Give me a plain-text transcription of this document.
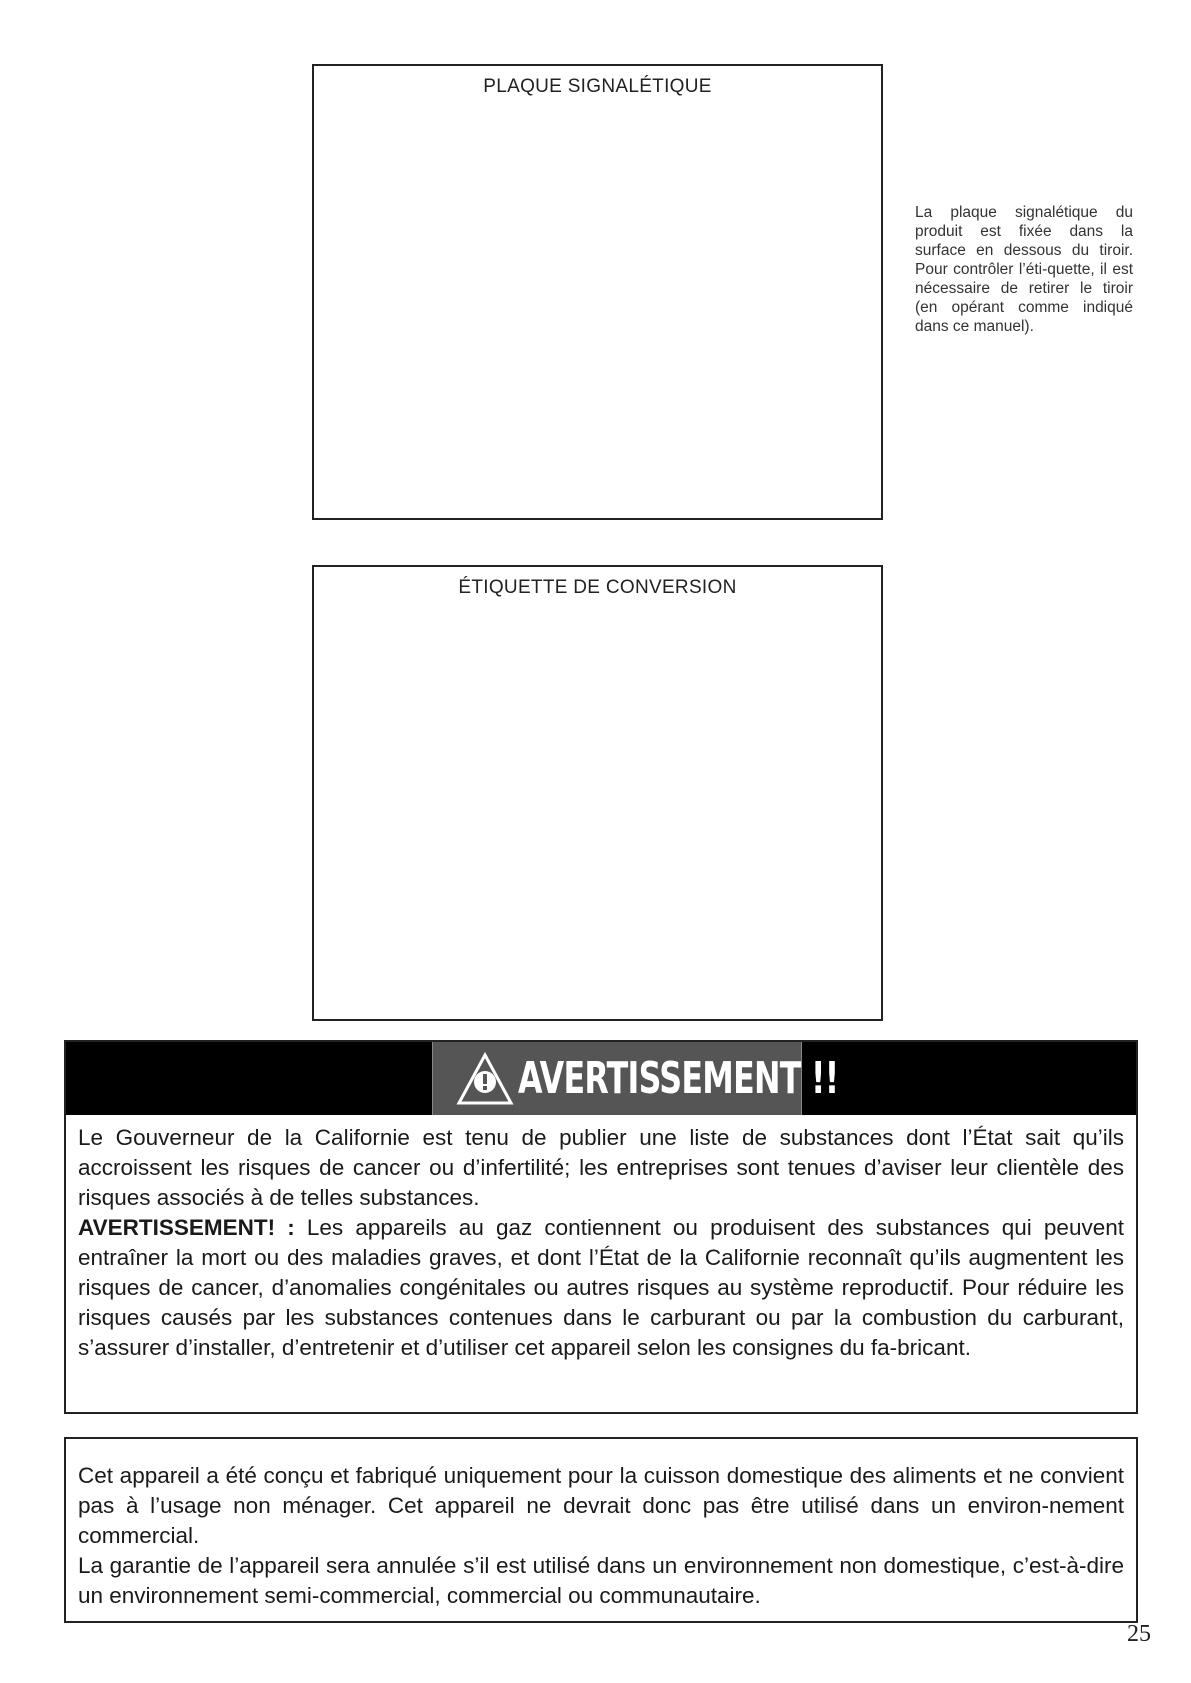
PLAQUE SIGNALÉTIQUE
La plaque signalétique du produit est fixée dans la surface en dessous du tiroir. Pour contrôler l’éti-quette, il est nécessaire de retirer le tiroir (en opérant comme indiqué dans ce manuel).
ÉTIQUETTE DE CONVERSION
AVERTISSEMENT !!

Le Gouverneur de la Californie est tenu de publier une liste de substances dont l’État sait qu’ils accroissent les risques de cancer ou d’infertilité; les entreprises sont tenues d’aviser leur clientèle des risques associés à de telles substances.

AVERTISSEMENT! : Les appareils au gaz contiennent ou produisent des substances qui peuvent entraîner la mort ou des maladies graves, et dont l’État de la Californie reconnaît qu’ils augmentent les risques de cancer, d’anomalies congénitales ou autres risques au système reproductif. Pour réduire les risques causés par les substances contenues dans le carburant ou par la combustion du carburant, s’assurer d’installer, d’entretenir et d’utiliser cet appareil selon les consignes du fa-bricant.

Cet appareil a été conçu et fabriqué uniquement pour la cuisson domestique des aliments et ne convient pas à l’usage non ménager. Cet appareil ne devrait donc pas être utilisé dans un environ-nement commercial.

La garantie de l’appareil sera annulée s’il est utilisé dans un environnement non domestique, c’est-à-dire un environnement semi-commercial, commercial ou communautaire.

25
